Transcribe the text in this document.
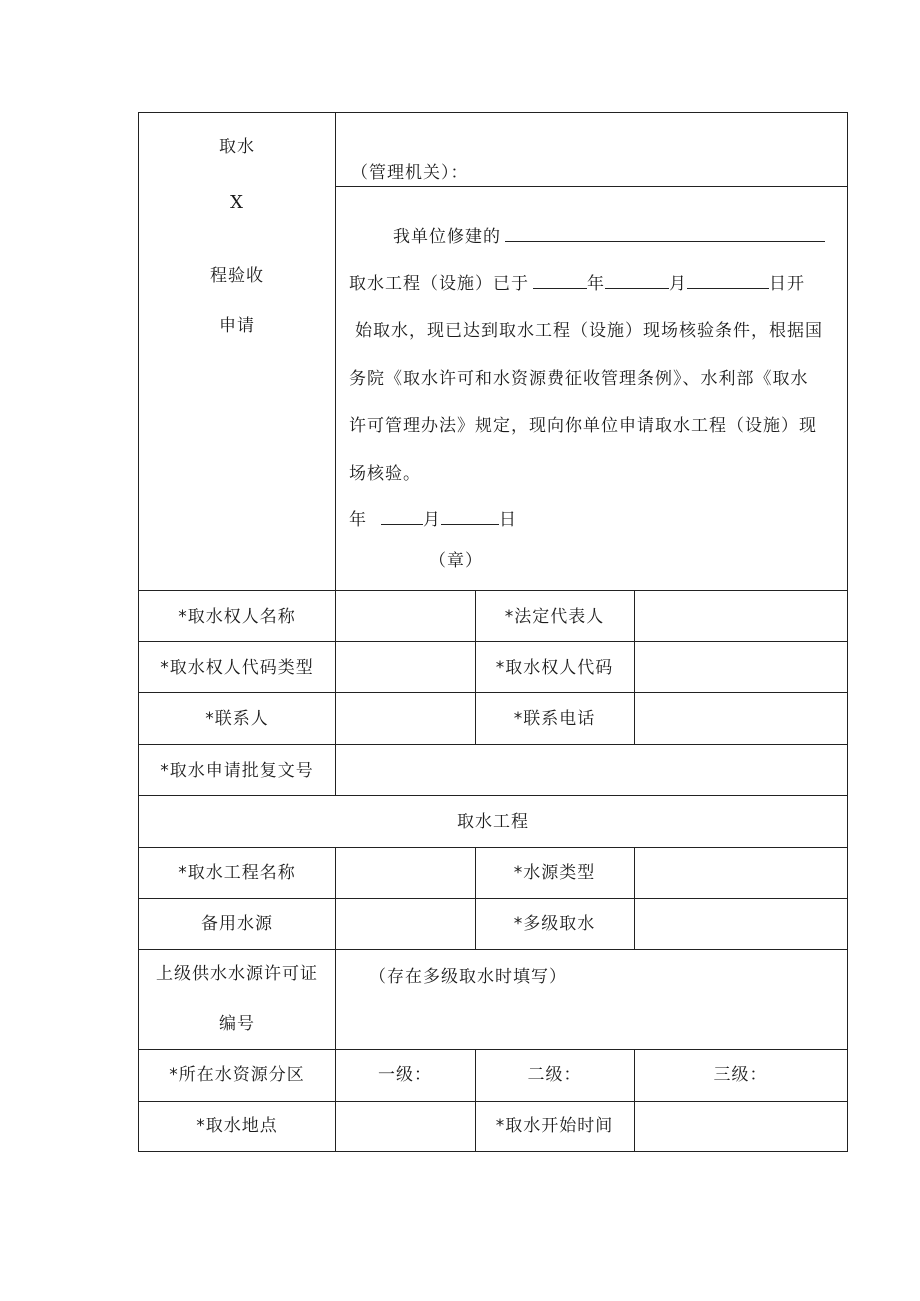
取水
X
程验收
申请
（管理机关）：
我单位修建的
取水工程（设施）已于	年	月	日开
始取水，现已达到取水工程（设施）现场核验条件，根据国
务院《取水许可和水资源费征收管理条例》、水利部《取水
许可管理办法》规定，现向你单位申请取水工程（设施）现
场核验。
年	月	日
（章）
*取水权人名称	*法定代表人
*取水权人代码类型	*取水权人代码
*联系人	*联系电话
*取水申请批复文号
取水工程
*取水工程名称	*水源类型
备用水源	*多级取水
上级供水水源许可证
编号
（存在多级取水时填写）
*所在水资源分区	一级：	二级：	三级：
*取水地点	*取水开始时间
